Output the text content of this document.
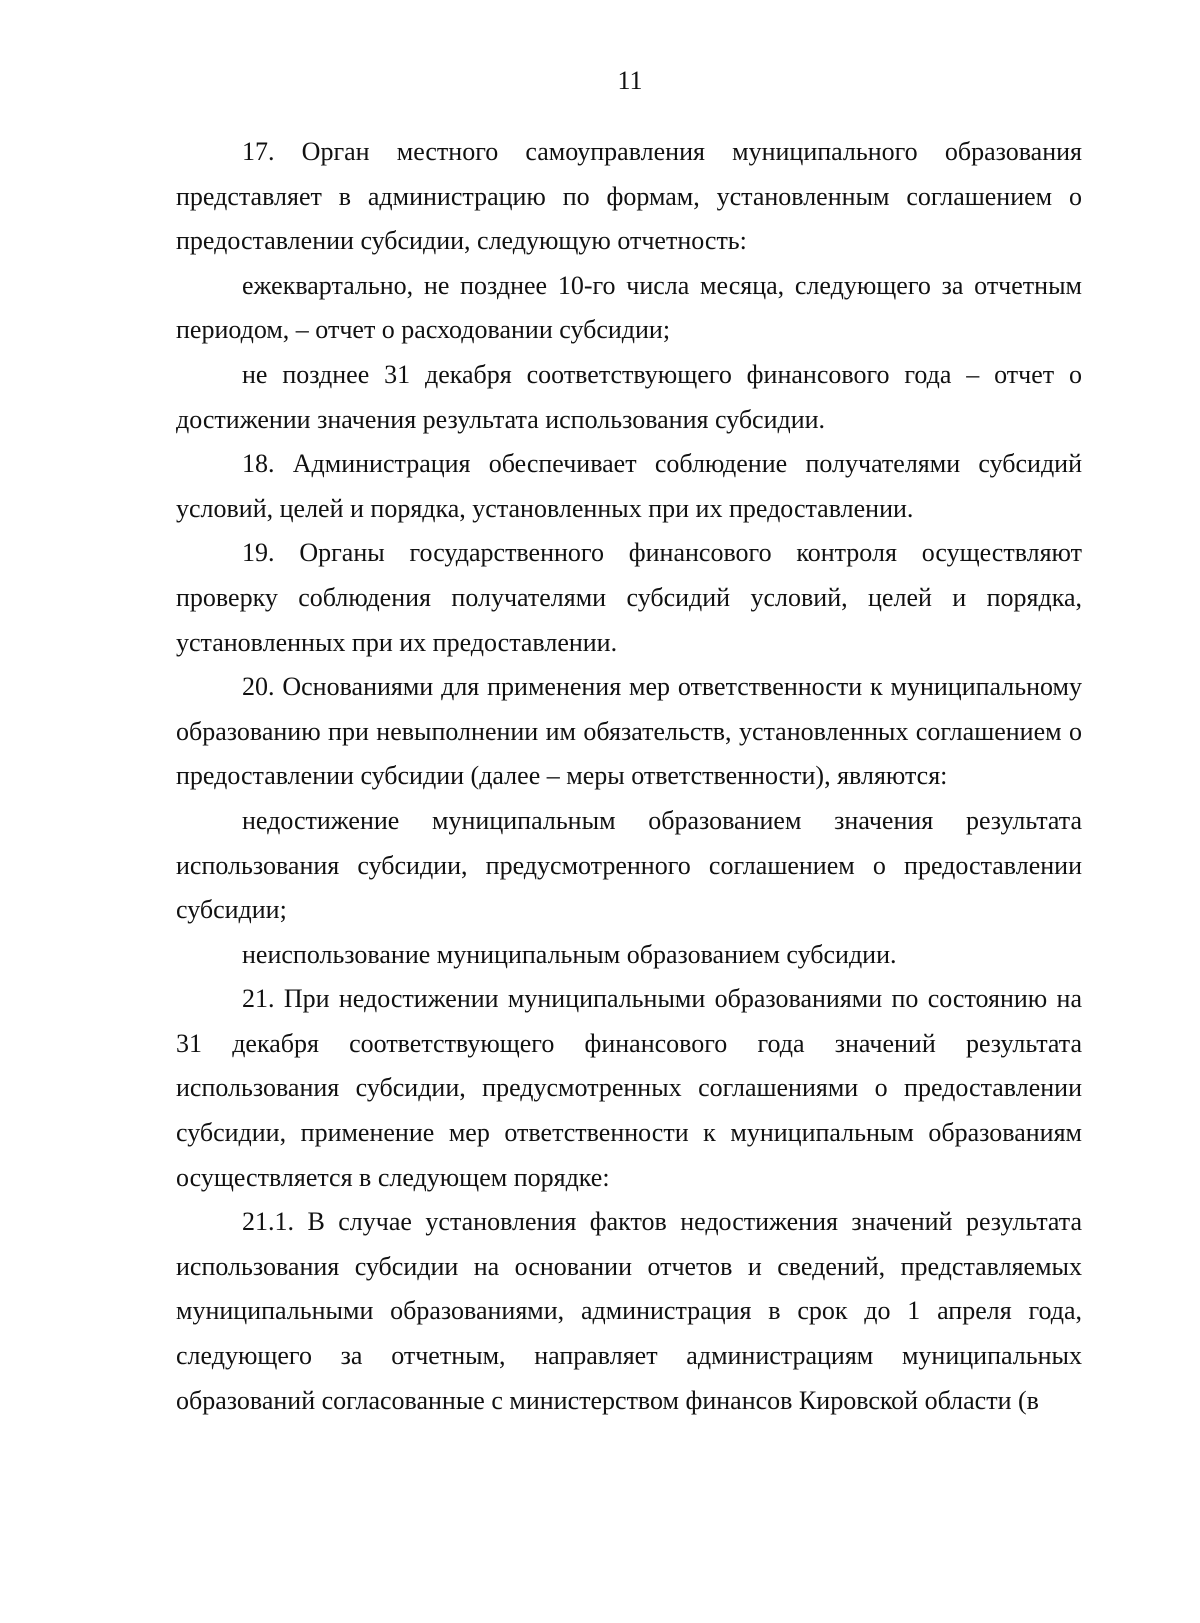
11

17. Орган местного самоуправления муниципального образования представляет в администрацию по формам, установленным соглашением о предоставлении субсидии, следующую отчетность:

ежеквартально, не позднее 10-го числа месяца, следующего за отчетным периодом, – отчет о расходовании субсидии;

не позднее 31 декабря соответствующего финансового года – отчет о достижении значения результата использования субсидии.

18. Администрация обеспечивает соблюдение получателями субсидий условий, целей и порядка, установленных при их предоставлении.

19. Органы государственного финансового контроля осуществляют проверку соблюдения получателями субсидий условий, целей и порядка, установленных при их предоставлении.

20. Основаниями для применения мер ответственности к муниципальному образованию при невыполнении им обязательств, установленных соглашением о предоставлении субсидии (далее – меры ответственности), являются:

недостижение муниципальным образованием значения результата использования субсидии, предусмотренного соглашением о предоставлении субсидии;

неиспользование муниципальным образованием субсидии.

21. При недостижении муниципальными образованиями по состоянию на 31 декабря соответствующего финансового года значений результата использования субсидии, предусмотренных соглашениями о предоставлении субсидии, применение мер ответственности к муниципальным образованиям осуществляется в следующем порядке:

21.1. В случае установления фактов недостижения значений результата использования субсидии на основании отчетов и сведений, представляемых муниципальными образованиями, администрация в срок до 1 апреля года, следующего за отчетным, направляет администрациям муниципальных образований согласованные с министерством финансов Кировской области (в
